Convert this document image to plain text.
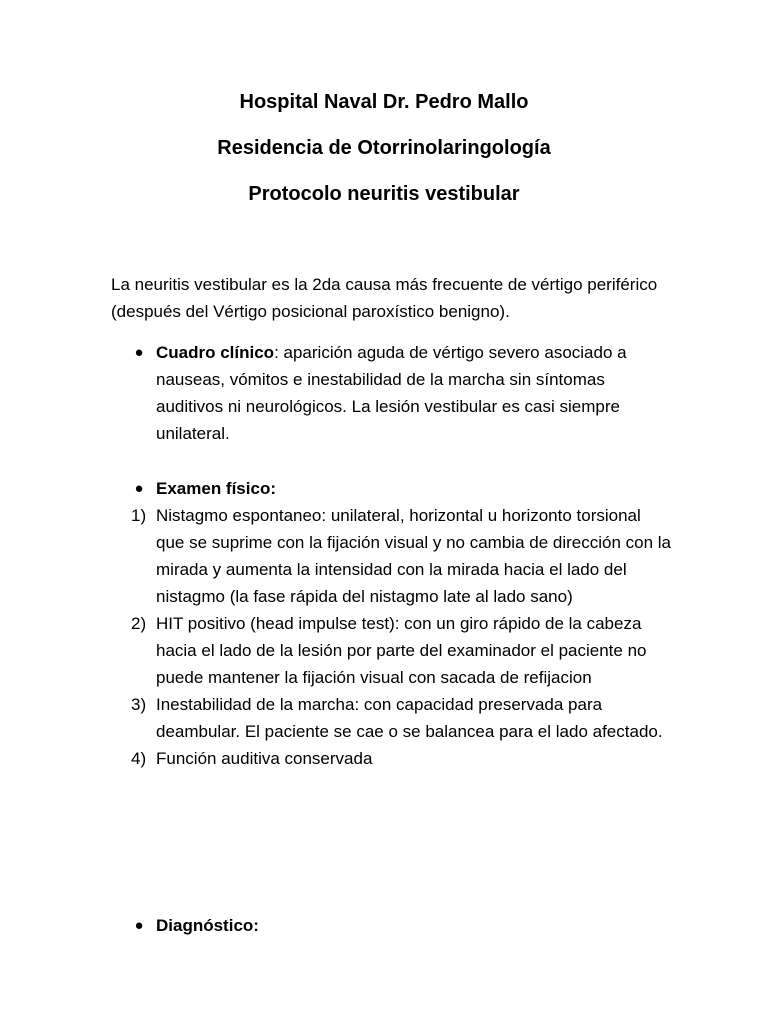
Hospital Naval Dr. Pedro Mallo
Residencia de Otorrinolaringología
Protocolo neuritis vestibular

La neuritis vestibular es la 2da causa más frecuente de vértigo periférico (después del Vértigo posicional paroxístico benigno).

● Cuadro clínico: aparición aguda de vértigo severo asociado a nauseas, vómitos e inestabilidad de la marcha sin síntomas auditivos ni neurológicos. La lesión vestibular es casi siempre unilateral.

● Examen físico:

1) Nistagmo espontaneo: unilateral, horizontal u horizonto torsional que se suprime con la fijación visual y no cambia de dirección con la mirada y aumenta la intensidad con la mirada hacia el lado del nistagmo (la fase rápida del nistagmo late al lado sano)
2) HIT positivo (head impulse test): con un giro rápido de la cabeza hacia el lado de la lesión por parte del examinador el paciente no puede mantener la fijación visual con sacada de refijacion
3) Inestabilidad de la marcha: con capacidad preservada para deambular. El paciente se cae o se balancea para el lado afectado.
4) Función auditiva conservada

● Diagnóstico:
